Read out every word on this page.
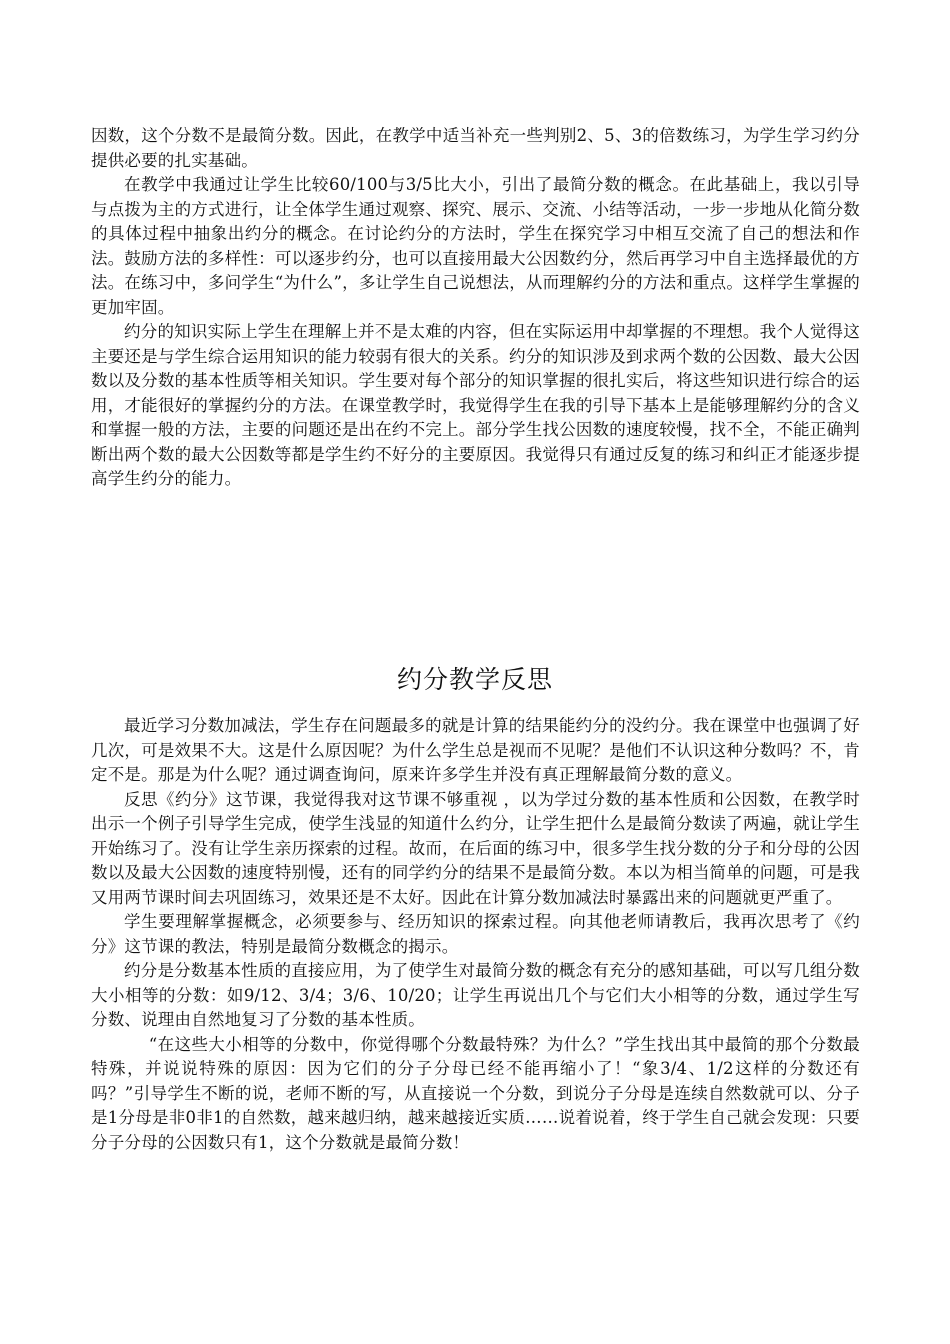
因数，这个分数不是最简分数。因此，在教学中适当补充一些判别2、5、3的倍数练习，为学生学习约分提供必要的扎实基础。

在教学中我通过让学生比较60/100与3/5比大小，引出了最简分数的概念。在此基础上，我以引导与点拨为主的方式进行，让全体学生通过观察、探究、展示、交流、小结等活动，一步一步地从化简分数的具体过程中抽象出约分的概念。在讨论约分的方法时，学生在探究学习中相互交流了自己的想法和作法。鼓励方法的多样性：可以逐步约分，也可以直接用最大公因数约分，然后再学习中自主选择最优的方法。在练习中，多问学生“为什么”，多让学生自己说想法，从而理解约分的方法和重点。这样学生掌握的更加牢固。

约分的知识实际上学生在理解上并不是太难的内容，但在实际运用中却掌握的不理想。我个人觉得这主要还是与学生综合运用知识的能力较弱有很大的关系。约分的知识涉及到求两个数的公因数、最大公因数以及分数的基本性质等相关知识。学生要对每个部分的知识掌握的很扎实后，将这些知识进行综合的运用，才能很好的掌握约分的方法。在课堂教学时，我觉得学生在我的引导下基本上是能够理解约分的含义和掌握一般的方法，主要的问题还是出在约不完上。部分学生找公因数的速度较慢，找不全，不能正确判断出两个数的最大公因数等都是学生约不好分的主要原因。我觉得只有通过反复的练习和纠正才能逐步提高学生约分的能力。

约分教学反思

最近学习分数加减法，学生存在问题最多的就是计算的结果能约分的没约分。我在课堂中也强调了好几次，可是效果不大。这是什么原因呢？为什么学生总是视而不见呢？是他们不认识这种分数吗？不，肯定不是。那是为什么呢？通过调查询问，原来许多学生并没有真正理解最简分数的意义。

反思《约分》这节课，我觉得我对这节课不够重视 ，以为学过分数的基本性质和公因数，在教学时出示一个例子引导学生完成，使学生浅显的知道什么约分，让学生把什么是最简分数读了两遍，就让学生开始练习了。没有让学生亲历探索的过程。故而，在后面的练习中，很多学生找分数的分子和分母的公因数以及最大公因数的速度特别慢，还有的同学约分的结果不是最简分数。本以为相当简单的问题，可是我又用两节课时间去巩固练习，效果还是不太好。因此在计算分数加减法时暴露出来的问题就更严重了。

学生要理解掌握概念，必须要参与、经历知识的探索过程。向其他老师请教后，我再次思考了《约分》这节课的教法，特别是最简分数概念的揭示。

约分是分数基本性质的直接应用，为了使学生对最简分数的概念有充分的感知基础，可以写几组分数大小相等的分数：如9/12、3/4；3/6、10/20；让学生再说出几个与它们大小相等的分数，通过学生写分数、说理由自然地复习了分数的基本性质。

“在这些大小相等的分数中，你觉得哪个分数最特殊？为什么？”学生找出其中最简的那个分数最特殊，并说说特殊的原因：因为它们的分子分母已经不能再缩小了！“象3/4、1/2这样的分数还有吗？”引导学生不断的说，老师不断的写，从直接说一个分数，到说分子分母是连续自然数就可以、分子是1分母是非0非1的自然数，越来越归纳，越来越接近实质……说着说着，终于学生自己就会发现：只要分子分母的公因数只有1，这个分数就是最简分数！
